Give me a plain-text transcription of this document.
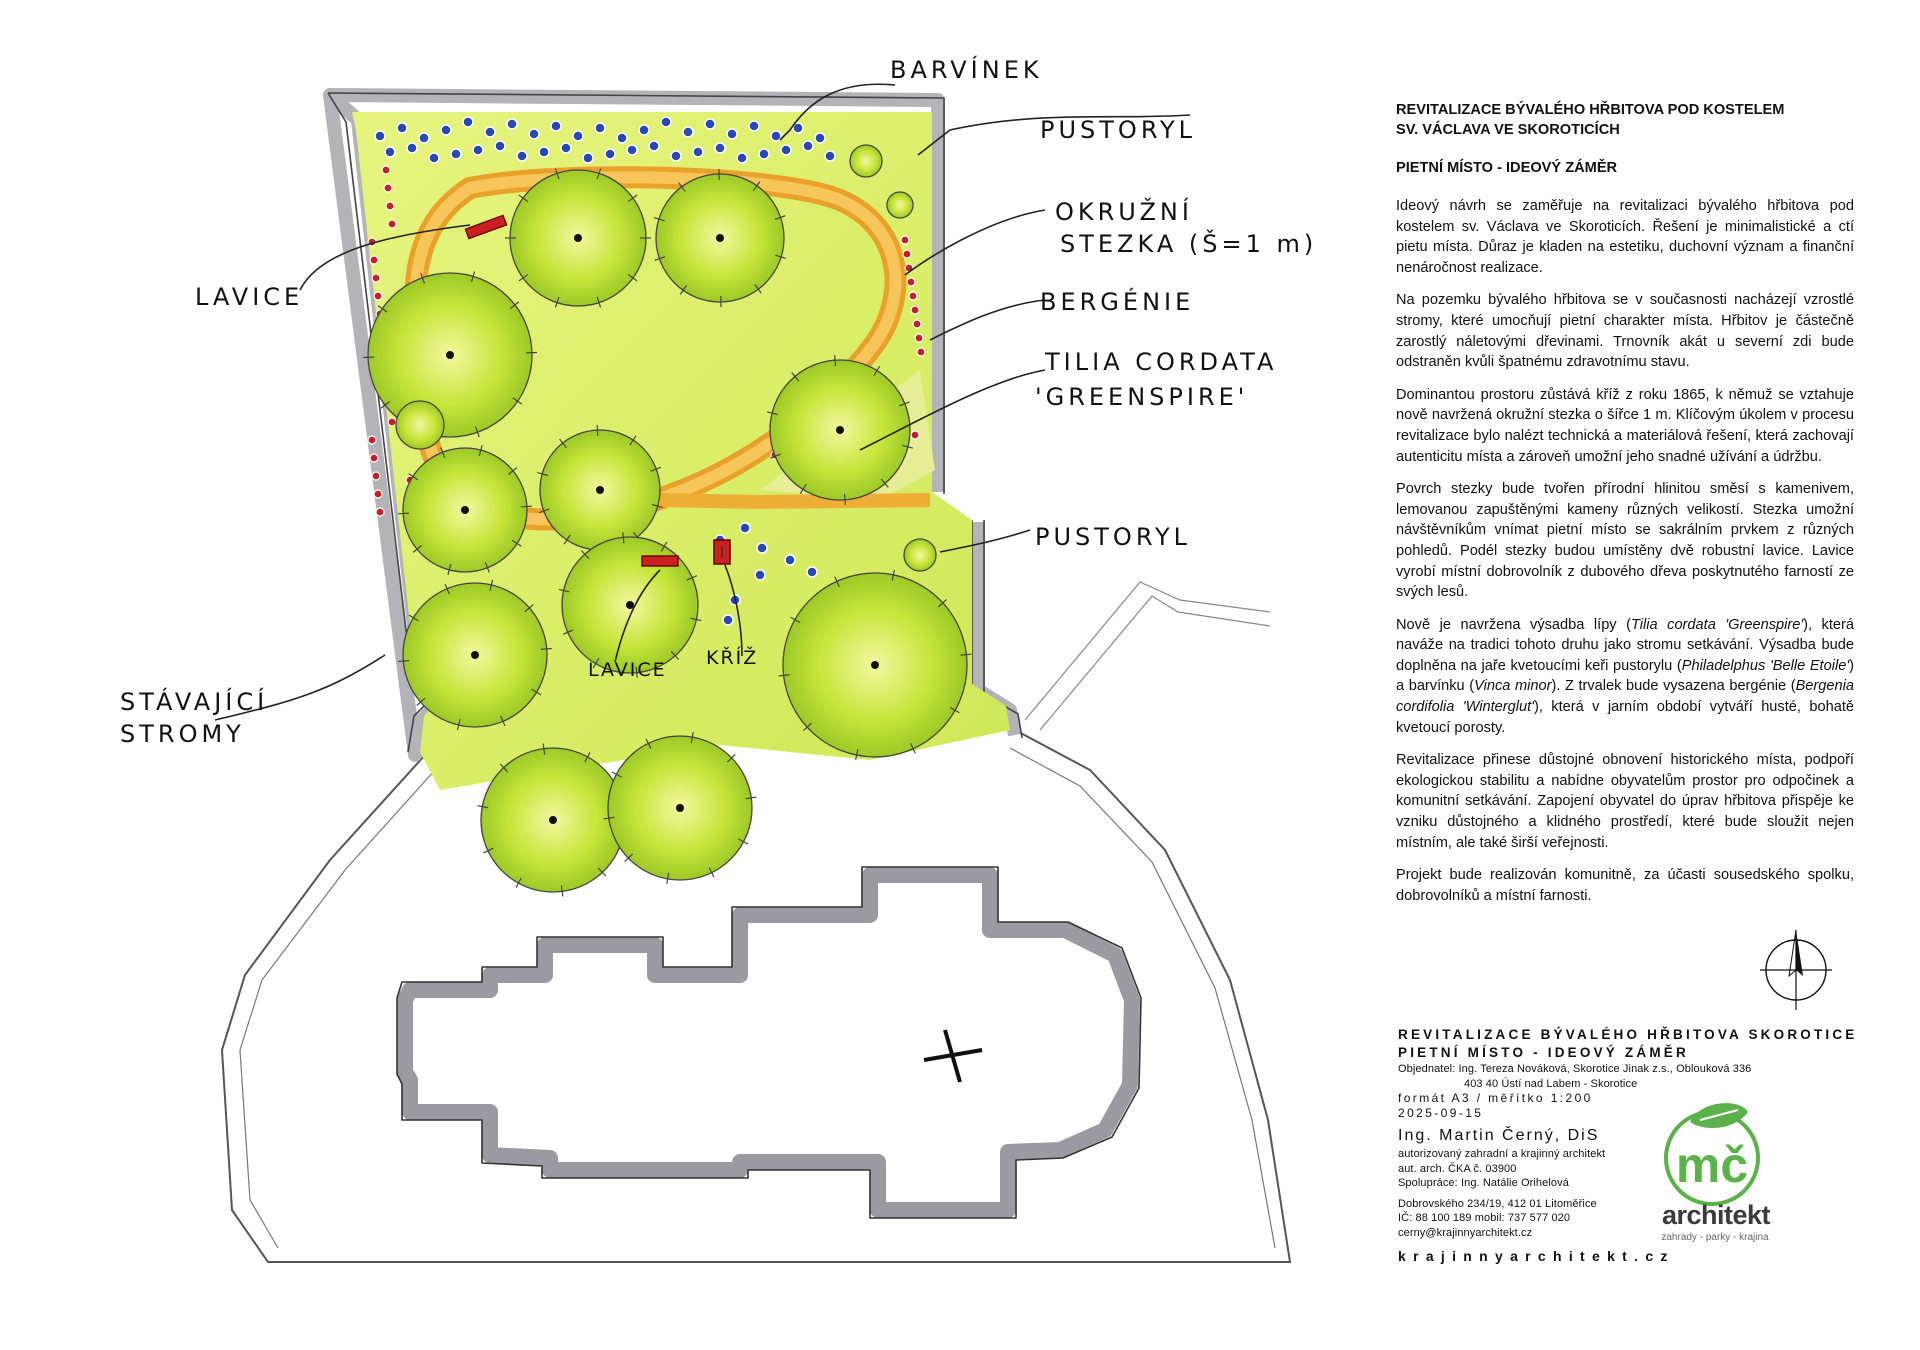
BARVÍNEK
PUSTORYL
OKRUŽNÍ
STEZKA (Š=1 m)
LAVICE	BERGÉNIE
TILIA CORDATA
'GREENSPIRE'
PUSTORYL
STÁVAJÍCÍ
STROMY
LAVICE
KŘÍŽ
mč
REVITALIZACE BÝVALÉHO HŘBITOVA POD KOSTELEM
SV. VÁCLAVA VE SKOROTICÍCH
PIETNÍ MÍSTO - IDEOVÝ ZÁMĚR

Ideový návrh se zaměřuje na revitalizaci bývalého hřbitova pod kostelem sv. Václava ve Skoroticích. Řešení je minimalistické a ctí pietu místa. Důraz je kladen na estetiku, duchovní význam a finanční nenáročnost realizace.

Na pozemku bývalého hřbitova se v současnosti nacházejí vzrostlé stromy, které umocňují pietní charakter místa. Hřbitov je částečně zarostlý náletovými dřevinami. Trnovník akát u severní zdi bude odstraněn kvůli špatnému zdravotnímu stavu.

Dominantou prostoru zůstává kříž z roku 1865, k němuž se vztahuje nově navržená okružní stezka o šířce 1 m. Klíčovým úkolem v procesu revitalizace bylo nalézt technická a materiálová řešení, která zachovají autenticitu místa a zároveň umožní jeho snadné užívání a údržbu.

Povrch stezky bude tvořen přírodní hlinitou směsí s kamenivem, lemovanou zapuštěnými kameny různých velikostí. Stezka umožní návštěvníkům vnímat pietní místo se sakrálním prvkem z různých pohledů. Podél stezky budou umístěny dvě robustní lavice. Lavice vyrobí místní dobrovolník z dubového dřeva poskytnutého farností ze svých lesů.

Nově je navržena výsadba lípy (Tilia cordata 'Greenspire'), která naváže na tradici tohoto druhu jako stromu setkávání. Výsadba bude doplněna na jaře kvetoucími keři pustorylu (Philadelphus 'Belle Etoile') a barvínku (Vinca minor). Z trvalek bude vysazena bergénie (Bergenia cordifolia 'Winterglut'), která v jarním období vytváří husté, bohatě kvetoucí porosty.

Revitalizace přinese důstojné obnovení historického místa, podpoří ekologickou stabilitu a nabídne obyvatelům prostor pro odpočinek a komunitní setkávání. Zapojení obyvatel do úprav hřbitova přispěje ke vzniku důstojného a klidného prostředí, které bude sloužit nejen místním, ale také širší veřejnosti.

Projekt bude realizován komunitně, za účasti sousedského spolku, dobrovolníků a místní farnosti.

REVITALIZACE BÝVALÉHO HŘBITOVA SKOROTICE
PIETNÍ MÍSTO - IDEOVÝ ZÁMĚR
Objednatel: Ing. Tereza Nováková, Skorotice Jinak z.s., Oblouková 336
403 40 Ústí nad Labem - Skorotice
formát A3 / měřítko 1:200
2025-09-15
Ing. Martin Černý, DiS
autorizovaný zahradní a krajinný architekt
aut. arch. ČKA č. 03900
Spolupráce: Ing. Natálie Orihelová
Dobrovského 234/19, 412 01 Litoměřice
IČ: 88 100 189 mobil: 737 577 020
cerny@krajinnyarchitekt.cz
krajinnyarchitekt.cz
architekt
zahrady - parky - krajina
